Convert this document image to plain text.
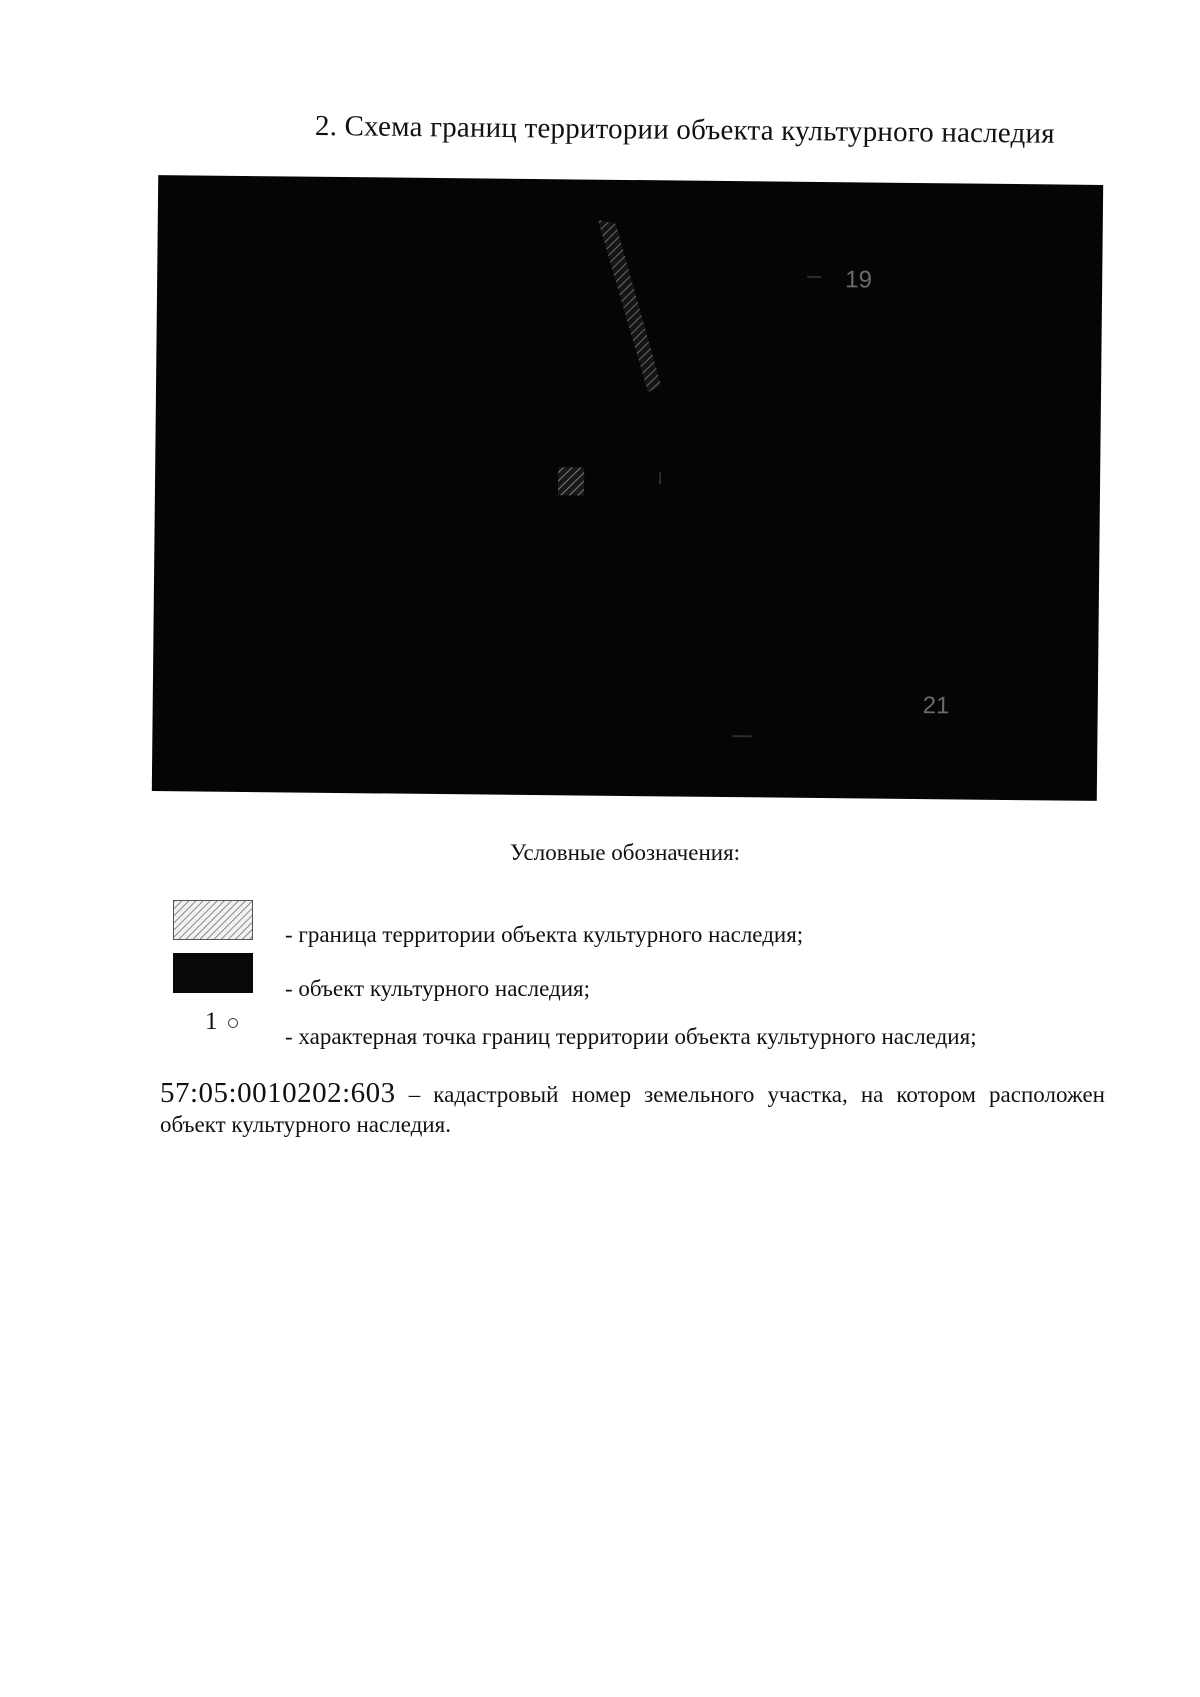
2. Схема границ территории объекта культурного наследия
19
21
Условные обозначения:
- граница территории объекта культурного наследия;
- объект культурного наследия;
1
- характерная точка границ территории объекта культурного наследия;
57:05:0010202:603 – кадастровый номер земельного участка, на котором расположен объект культурного наследия.
